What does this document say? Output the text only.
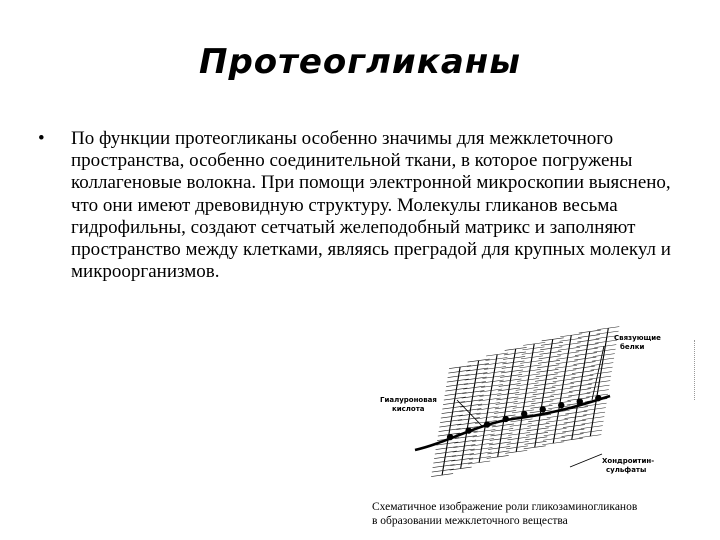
Протеогликаны
• По функции протеогликаны особенно значимы для межклеточного пространства, особенно соединительной ткани, в которое погружены коллагеновые волокна. При помощи электронной микроскопии выяснено, что они имеют древовидную структуру. Молекулы гликанов весьма гидрофильны, создают сетчатый желеподобный матрикс и заполняют пространство между клетками, являясь преградой для крупных молекул и микроорганизмов.
Связующие
белки
Гиалуроновая
кислота
Хондроитин-
сульфаты
Схематичное изображение роли гликозаминогликанов
в образовании межклеточного вещества
